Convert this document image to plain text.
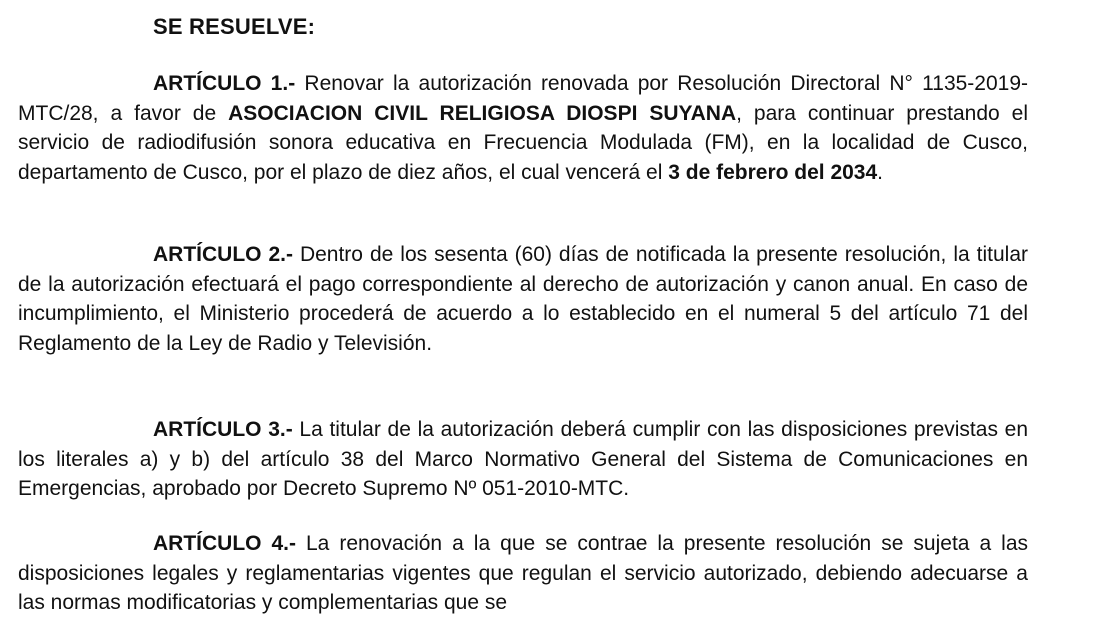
SE RESUELVE:

ARTÍCULO 1.- Renovar la autorización renovada por Resolución Directoral N° 1135-2019-MTC/28, a favor de ASOCIACION CIVIL RELIGIOSA DIOSPI SUYANA, para continuar prestando el servicio de radiodifusión sonora educativa en Frecuencia Modulada (FM), en la localidad de Cusco, departamento de Cusco, por el plazo de diez años, el cual vencerá el 3 de febrero del 2034.

ARTÍCULO 2.- Dentro de los sesenta (60) días de notificada la presente resolución, la titular de la autorización efectuará el pago correspondiente al derecho de autorización y canon anual. En caso de incumplimiento, el Ministerio procederá de acuerdo a lo establecido en el numeral 5 del artículo 71 del Reglamento de la Ley de Radio y Televisión.

ARTÍCULO 3.- La titular de la autorización deberá cumplir con las disposiciones previstas en los literales a) y b) del artículo 38 del Marco Normativo General del Sistema de Comunicaciones en Emergencias, aprobado por Decreto Supremo Nº 051-2010-MTC.

ARTÍCULO 4.- La renovación a la que se contrae la presente resolución se sujeta a las disposiciones legales y reglamentarias vigentes que regulan el servicio autorizado, debiendo adecuarse a las normas modificatorias y complementarias que se
